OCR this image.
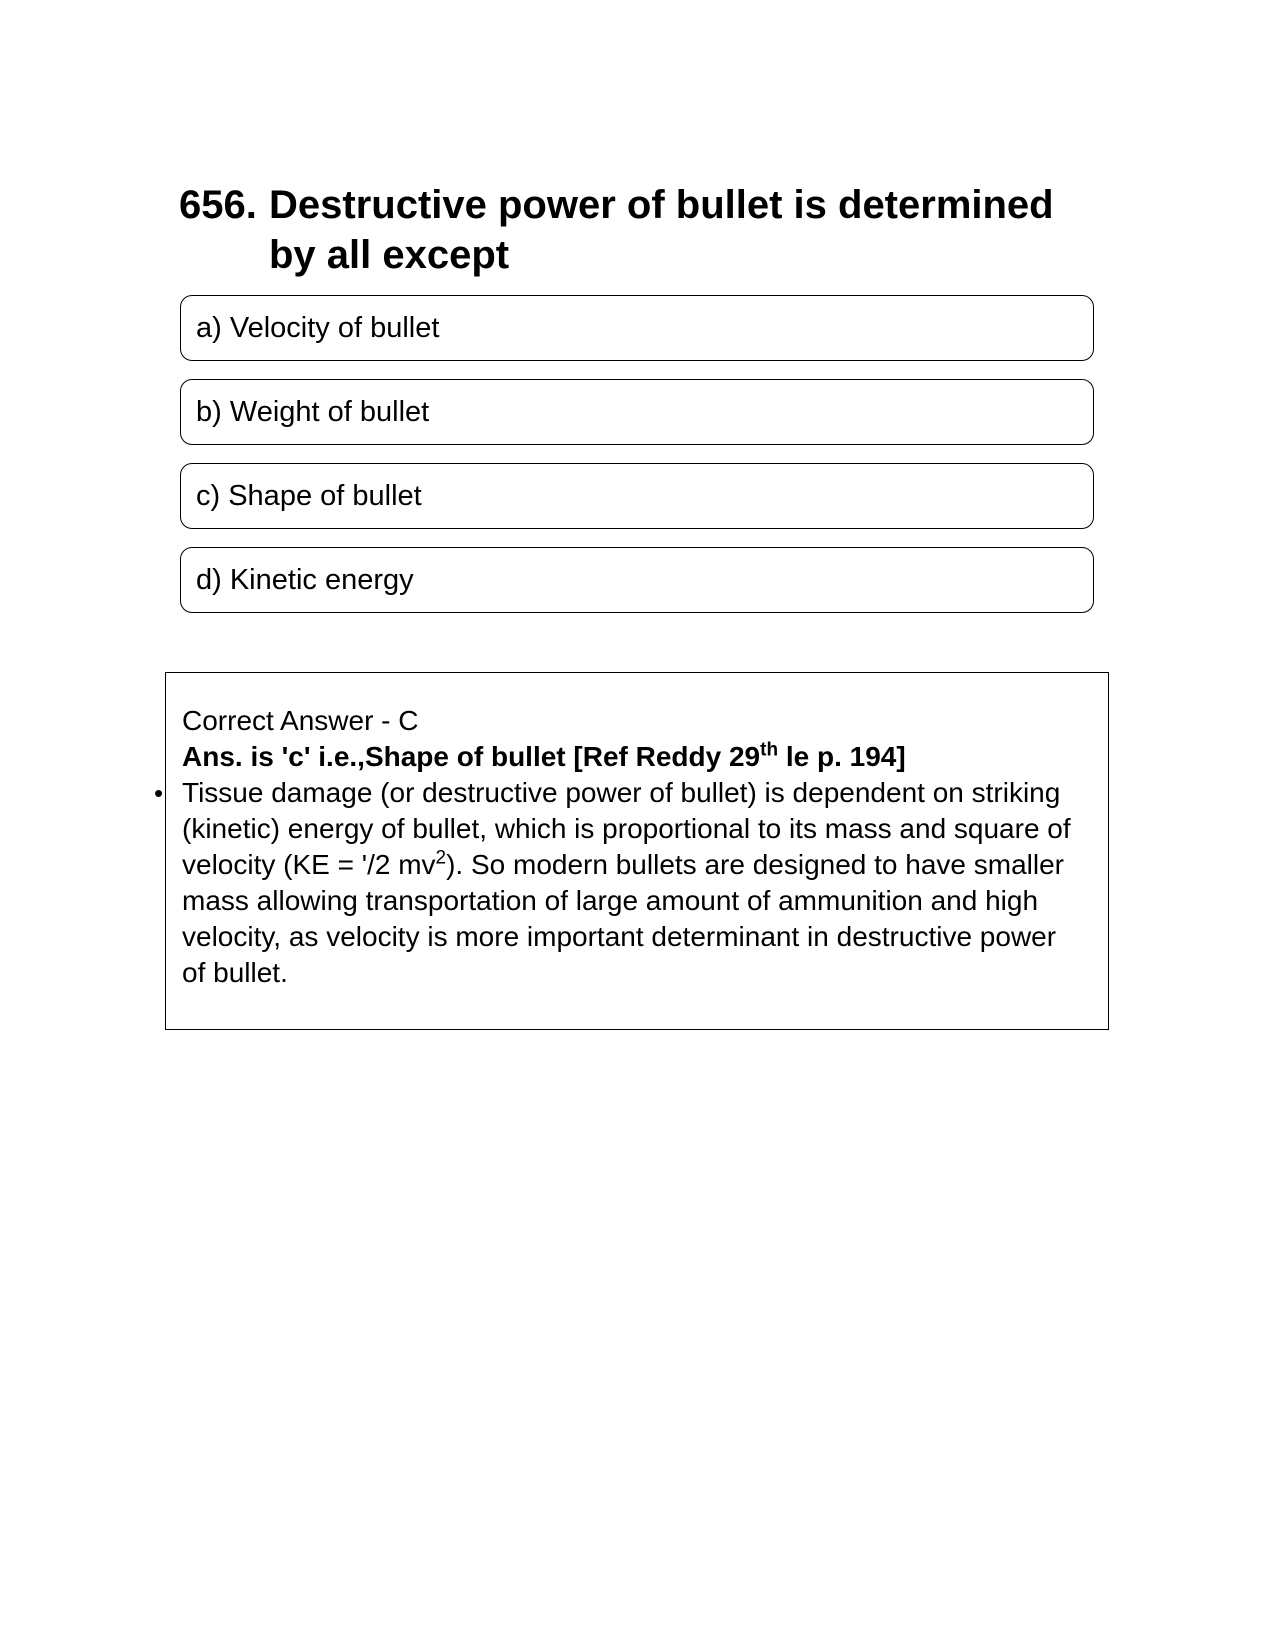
656. Destructive power of bullet is determined by all except
a) Velocity of bullet
b) Weight of bullet
c) Shape of bullet
d) Kinetic energy
Correct Answer - C
Ans. is 'c' i.e.,Shape of bullet [Ref Reddy 29th le p. 194]
• Tissue damage (or destructive power of bullet) is dependent on striking (kinetic) energy of bullet, which is proportional to its mass and square of velocity (KE = '/2 $mv^2$). So modern bullets are designed to have smaller mass allowing transportation of large amount of ammunition and high velocity, as velocity is more important determinant in destructive power of bullet.
